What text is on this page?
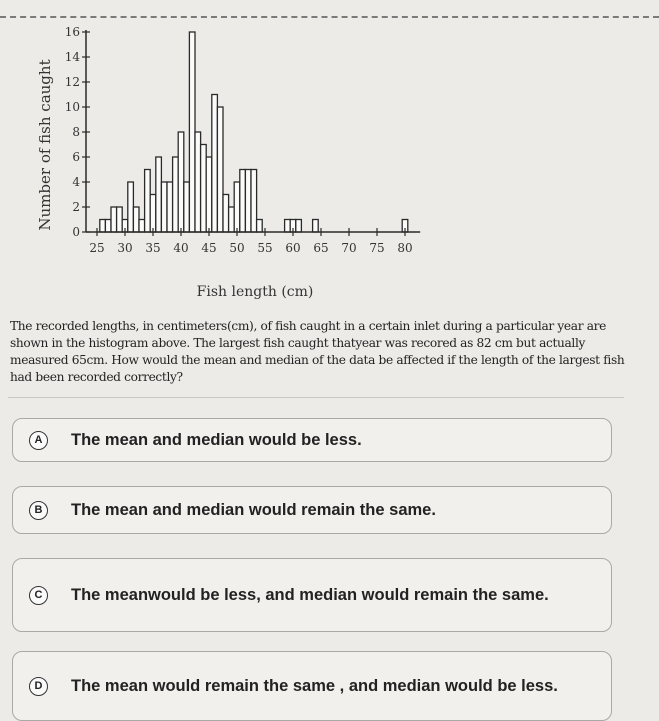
Number of fish caught
Fish length (cm)
0
2
4
6
8
10
12
14
16
25 30 35 40 45 50 55 60 65 70 75 80
The recorded lengths, in centimeters(cm), of fish caught in a certain inlet during a particular year are shown in the histogram above. The largest fish caught thatyear was recored as 82 cm but actually measured 65cm. How would the mean and median of the data be affected if the length of the largest fish had been recorded correctly?
A	The mean and median would be less.
B	The mean and median would remain the same.
C	The meanwould be less, and median would remain the same.
D	The mean would remain the same , and median would be less.
